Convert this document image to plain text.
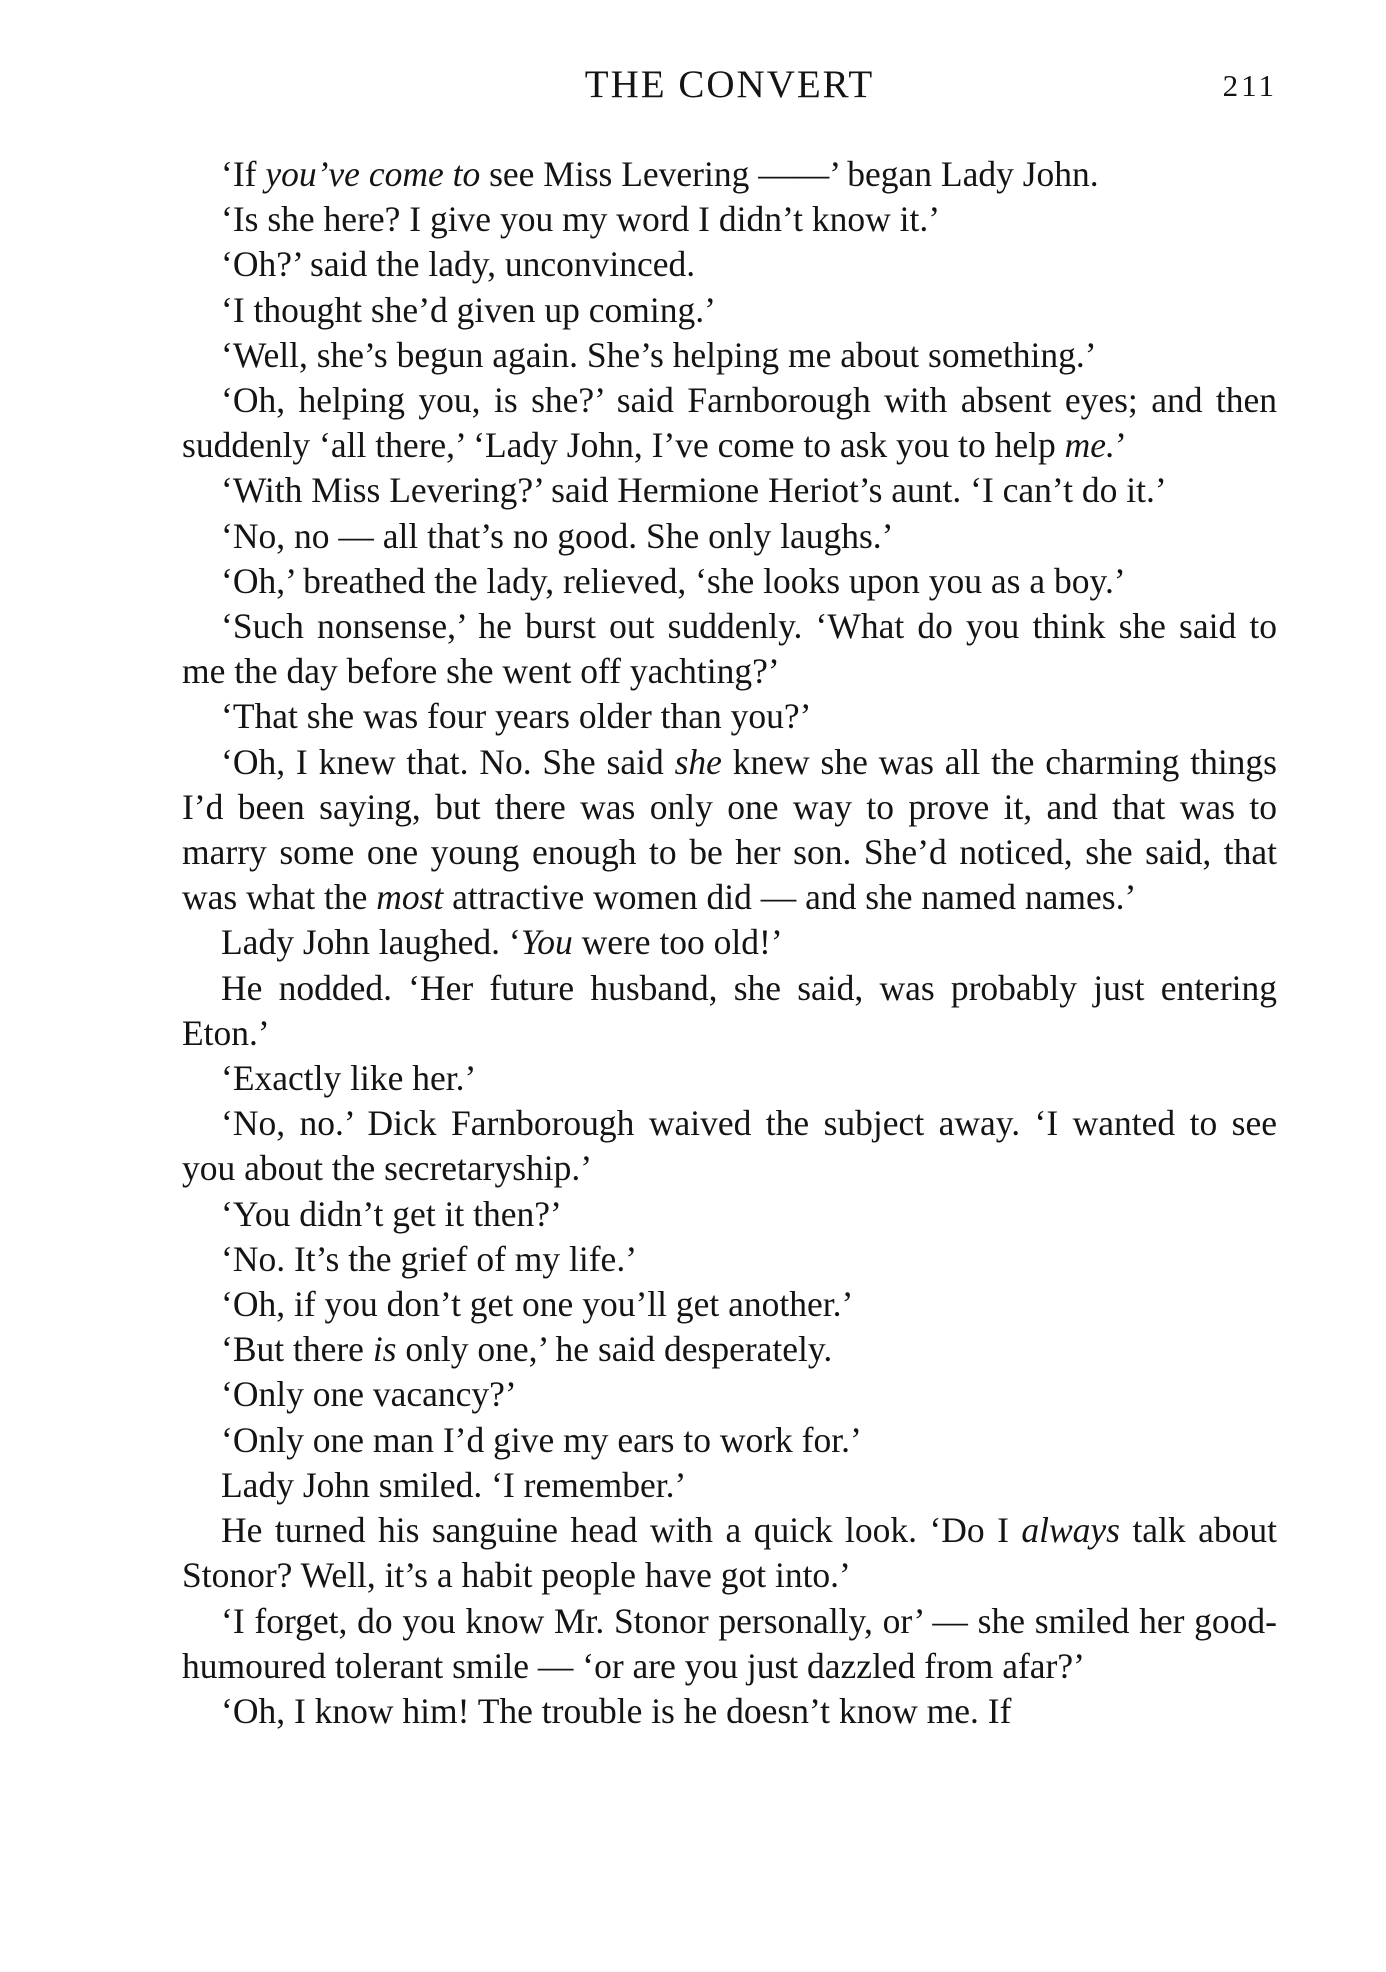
THE CONVERT	211

‘If you’ve come to see Miss Levering ——’ began Lady John.

‘Is she here? I give you my word I didn’t know it.’

‘Oh?’ said the lady, unconvinced.

‘I thought she’d given up coming.’

‘Well, she’s begun again. She’s helping me about something.’

‘Oh, helping you, is she?’ said Farnborough with absent eyes; and then suddenly ‘all there,’ ‘Lady John, I’ve come to ask you to help me.’

‘With Miss Levering?’ said Hermione Heriot’s aunt. ‘I can’t do it.’

‘No, no — all that’s no good. She only laughs.’

‘Oh,’ breathed the lady, relieved, ‘she looks upon you as a boy.’

‘Such nonsense,’ he burst out suddenly. ‘What do you think she said to me the day before she went off yachting?’

‘That she was four years older than you?’

‘Oh, I knew that. No. She said she knew she was all the charming things I’d been saying, but there was only one way to prove it, and that was to marry some one young enough to be her son. She’d noticed, she said, that was what the most attractive women did — and she named names.’

Lady John laughed. ‘You were too old!’

He nodded. ‘Her future husband, she said, was probably just entering Eton.’

‘Exactly like her.’

‘No, no.’ Dick Farnborough waived the subject away. ‘I wanted to see you about the secretaryship.’

‘You didn’t get it then?’

‘No. It’s the grief of my life.’

‘Oh, if you don’t get one you’ll get another.’

‘But there is only one,’ he said desperately.

‘Only one vacancy?’

‘Only one man I’d give my ears to work for.’

Lady John smiled. ‘I remember.’

He turned his sanguine head with a quick look. ‘Do I always talk about Stonor? Well, it’s a habit people have got into.’

‘I forget, do you know Mr. Stonor personally, or’ — she smiled her good-humoured tolerant smile — ‘or are you just dazzled from afar?’

‘Oh, I know him! The trouble is he doesn’t know me. If
